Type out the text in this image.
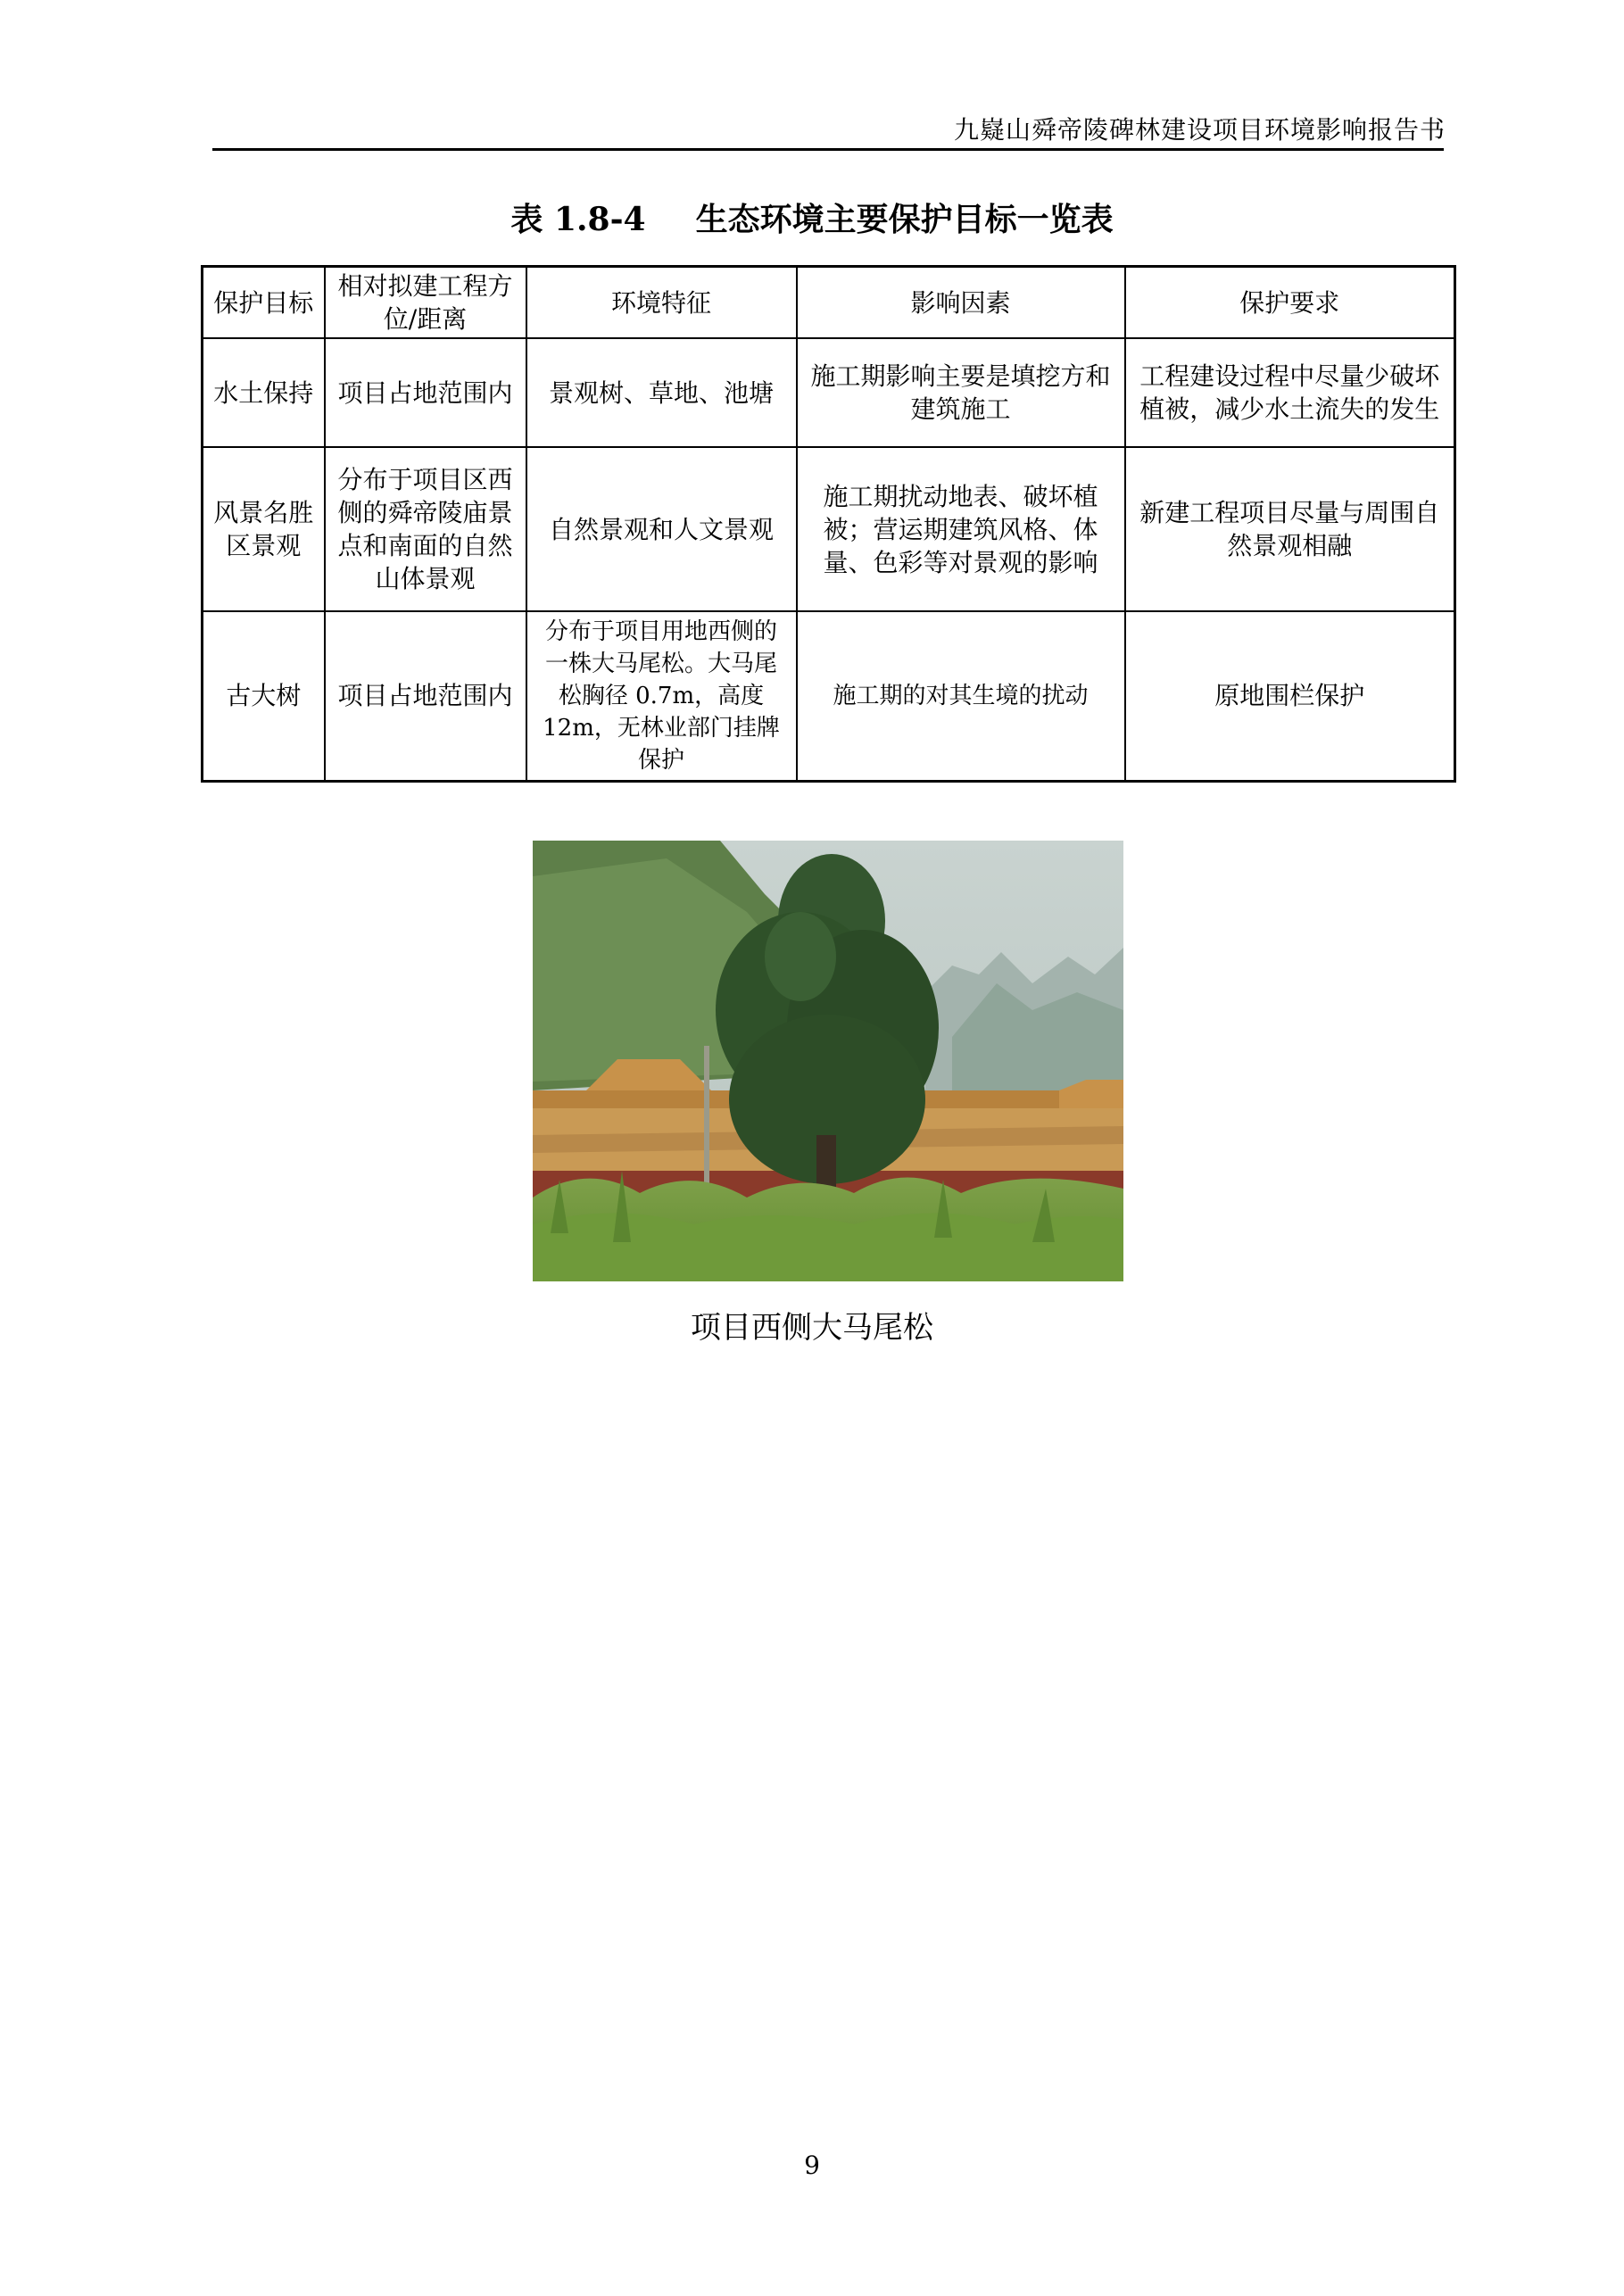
九嶷山舜帝陵碑林建设项目环境影响报告书
表 1.8-4 生态环境主要保护目标一览表
保护目标	相对拟建工程方位/距离	环境特征	影响因素	保护要求
水土保持	项目占地范围内	景观树、草地、池塘	施工期影响主要是填挖方和建筑施工	工程建设过程中尽量少破坏植被，减少水土流失的发生
风景名胜区景观	分布于项目区西侧的舜帝陵庙景点和南面的自然山体景观	自然景观和人文景观	施工期扰动地表、破坏植被；营运期建筑风格、体量、色彩等对景观的影响	新建工程项目尽量与周围自然景观相融
古大树	项目占地范围内	分布于项目用地西侧的一株大马尾松。大马尾松胸径 0.7m，高度 12m，无林业部门挂牌保护	施工期的对其生境的扰动	原地围栏保护
项目西侧大马尾松
9
